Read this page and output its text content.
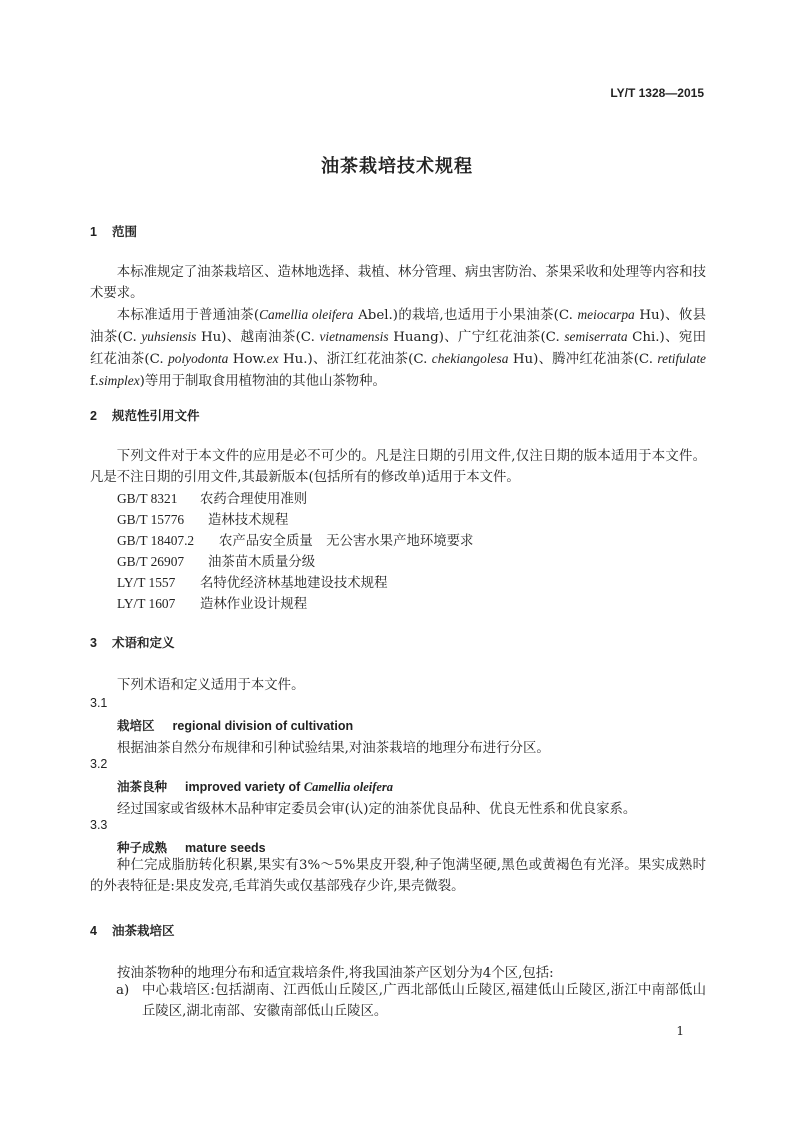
LY/T 1328—2015
油茶栽培技术规程
1 范围
本标准规定了油茶栽培区、造林地选择、栽植、林分管理、病虫害防治、茶果采收和处理等内容和技术要求。
本标准适用于普通油茶(Camellia oleifera Abel.)的栽培,也适用于小果油茶(C. meiocarpa Hu)、攸县油茶(C. yuhsiensis Hu)、越南油茶(C. vietnamensis Huang)、广宁红花油茶(C. semiserrata Chi.)、宛田红花油茶(C. polyodonta How.ex Hu.)、浙江红花油茶(C. chekiangolesa Hu)、腾冲红花油茶(C. retifulate f.simplex)等用于制取食用植物油的其他山茶物种。
2 规范性引用文件
下列文件对于本文件的应用是必不可少的。凡是注日期的引用文件,仅注日期的版本适用于本文件。凡是不注日期的引用文件,其最新版本(包括所有的修改单)适用于本文件。
GB/T 8321 农药合理使用准则
GB/T 15776 造林技术规程
GB/T 18407.2 农产品安全质量　无公害水果产地环境要求
GB/T 26907 油茶苗木质量分级
LY/T 1557 名特优经济林基地建设技术规程
LY/T 1607 造林作业设计规程
3 术语和定义
下列术语和定义适用于本文件。
3.1
栽培区 regional division of cultivation
根据油茶自然分布规律和引种试验结果,对油茶栽培的地理分布进行分区。
3.2
油茶良种 improved variety of Camellia oleifera
经过国家或省级林木品种审定委员会审(认)定的油茶优良品种、优良无性系和优良家系。
3.3
种子成熟 mature seeds
种仁完成脂肪转化积累,果实有3%～5%果皮开裂,种子饱满坚硬,黑色或黄褐色有光泽。果实成熟时的外表特征是:果皮发亮,毛茸消失或仅基部残存少许,果壳微裂。
4 油茶栽培区
按油茶物种的地理分布和适宜栽培条件,将我国油茶产区划分为4个区,包括:
a) 中心栽培区:包括湖南、江西低山丘陵区,广西北部低山丘陵区,福建低山丘陵区,浙江中南部低山丘陵区,湖北南部、安徽南部低山丘陵区。
1
